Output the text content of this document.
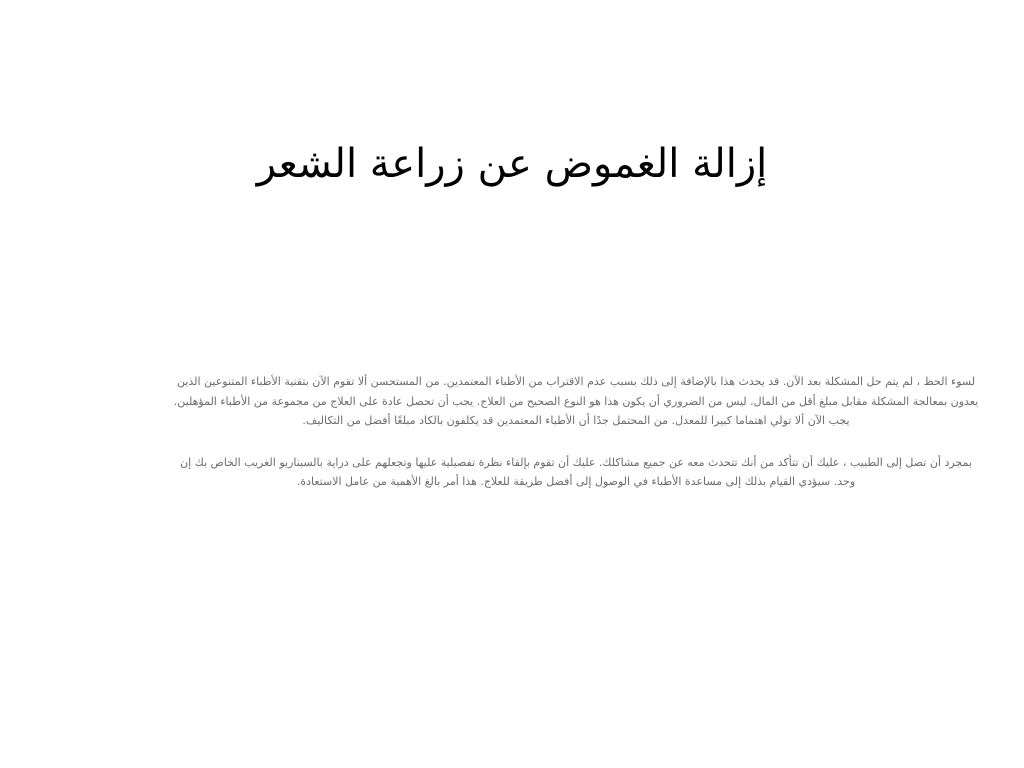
إزالة الغموض عن زراعة الشعر

لسوء الحظ ، لم يتم حل المشكلة بعد الآن. قد يحدث هذا بالإضافة إلى ذلك بسبب عدم الاقتراب من الأطباء المعتمدين. من المستحسن ألا تقوم الآن بتقنية الأطباء المتنوعين الذين يعدون بمعالجة المشكلة مقابل مبلغ أقل من المال. ليس من الضروري أن يكون هذا هو النوع الصحيح من العلاج. يجب أن تحصل عادة على العلاج من مجموعة من الأطباء المؤهلين. يجب الآن ألا تولي اهتماما كبيرا للمعدل. من المحتمل جدًا أن الأطباء المعتمدين قد يكلفون بالكاد مبلغًا أفضل من التكاليف.

بمجرد أن تصل إلى الطبيب ، عليك أن تتأكد من أنك تتحدث معه عن جميع مشاكلك. عليك أن تقوم بإلقاء نظرة تفصيلية عليها وتجعلهم على دراية بالسيناريو الغريب الخاص بك إن وجد. سيؤدي القيام بذلك إلى مساعدة الأطباء في الوصول إلى أفضل طريقة للعلاج. هذا أمر بالغ الأهمية من عامل الاستعادة.
